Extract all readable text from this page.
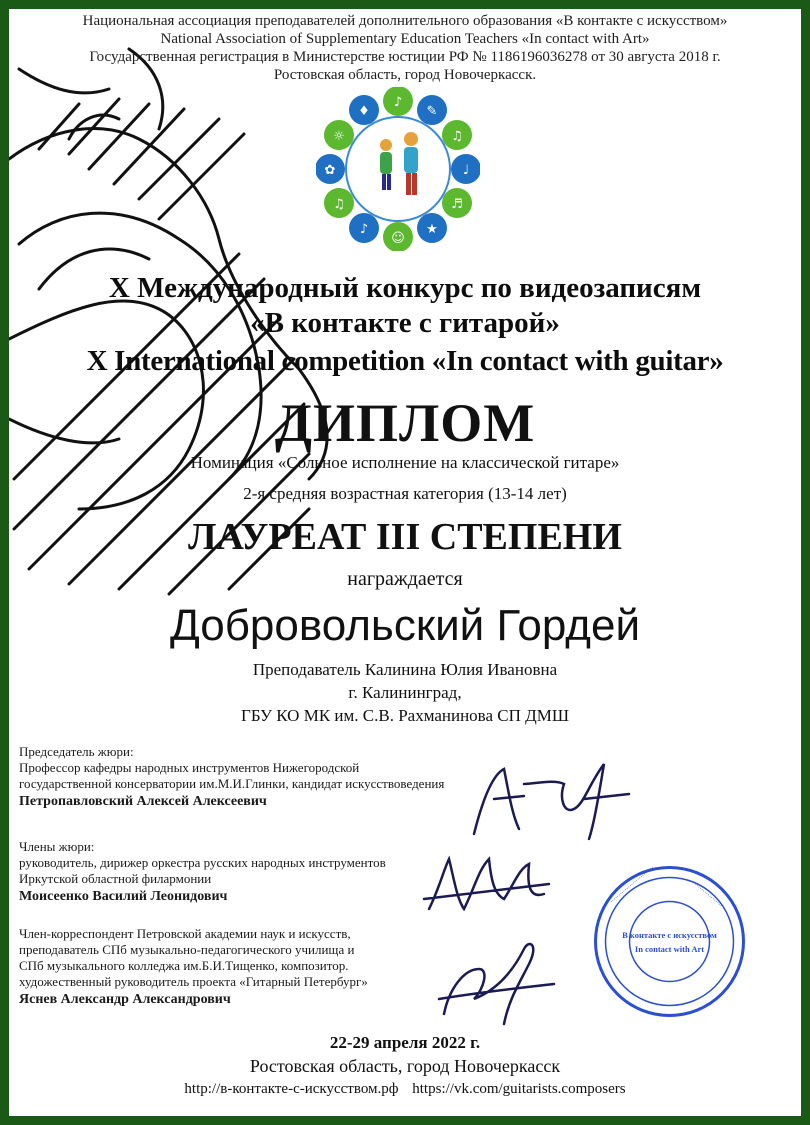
Национальная ассоциация преподавателей дополнительного образования «В контакте с искусством»
National Association of Supplementary Education Teachers «In contact with Art»
Государственная регистрация в Министерстве юстиции РФ № 1186196036278 от 30 августа 2018 г.
Ростовская область, город Новочеркасск.
♪
✎
♫
♩
♬
★
☺
♪
♫
✿
☼
♦
X Международный конкурс по видеозаписям
«В контакте с гитарой»
X International competition «In contact with guitar»
ДИПЛОМ
Номинация «Сольное исполнение на классической гитаре»
2-я средняя возрастная категория (13-14 лет)
ЛАУРЕАТ III СТЕПЕНИ
награждается
Добровольский Гордей
Преподаватель Калинина Юлия Ивановна
г. Калининград,
ГБУ КО МК им. С.В. Рахманинова СП ДМШ
Председатель жюри:
Профессор кафедры народных инструментов Нижегородской
государственной консерватории им.М.И.Глинки, кандидат искусствоведения
Петропавловский Алексей Алексеевич
Члены жюри:
руководитель, дирижер оркестра русских народных инструментов
Иркутской областной филармонии
Моисеенко Василий Леонидович
Член-корреспондент Петровской академии наук и искусств,
преподаватель СПб музыкально-педагогического училища и
СПб музыкального колледжа им.Б.И.Тищенко, композитор.
художественный руководитель проекта «Гитарный Петербург»
Яснев Александр Александрович
···························	··················
В контакте с искусством
In contact with Art
22-29 апреля 2022 г.
Ростовская область, город Новочеркасск
http://в-контакте-с-искусством.рф https://vk.com/guitarists.composers
